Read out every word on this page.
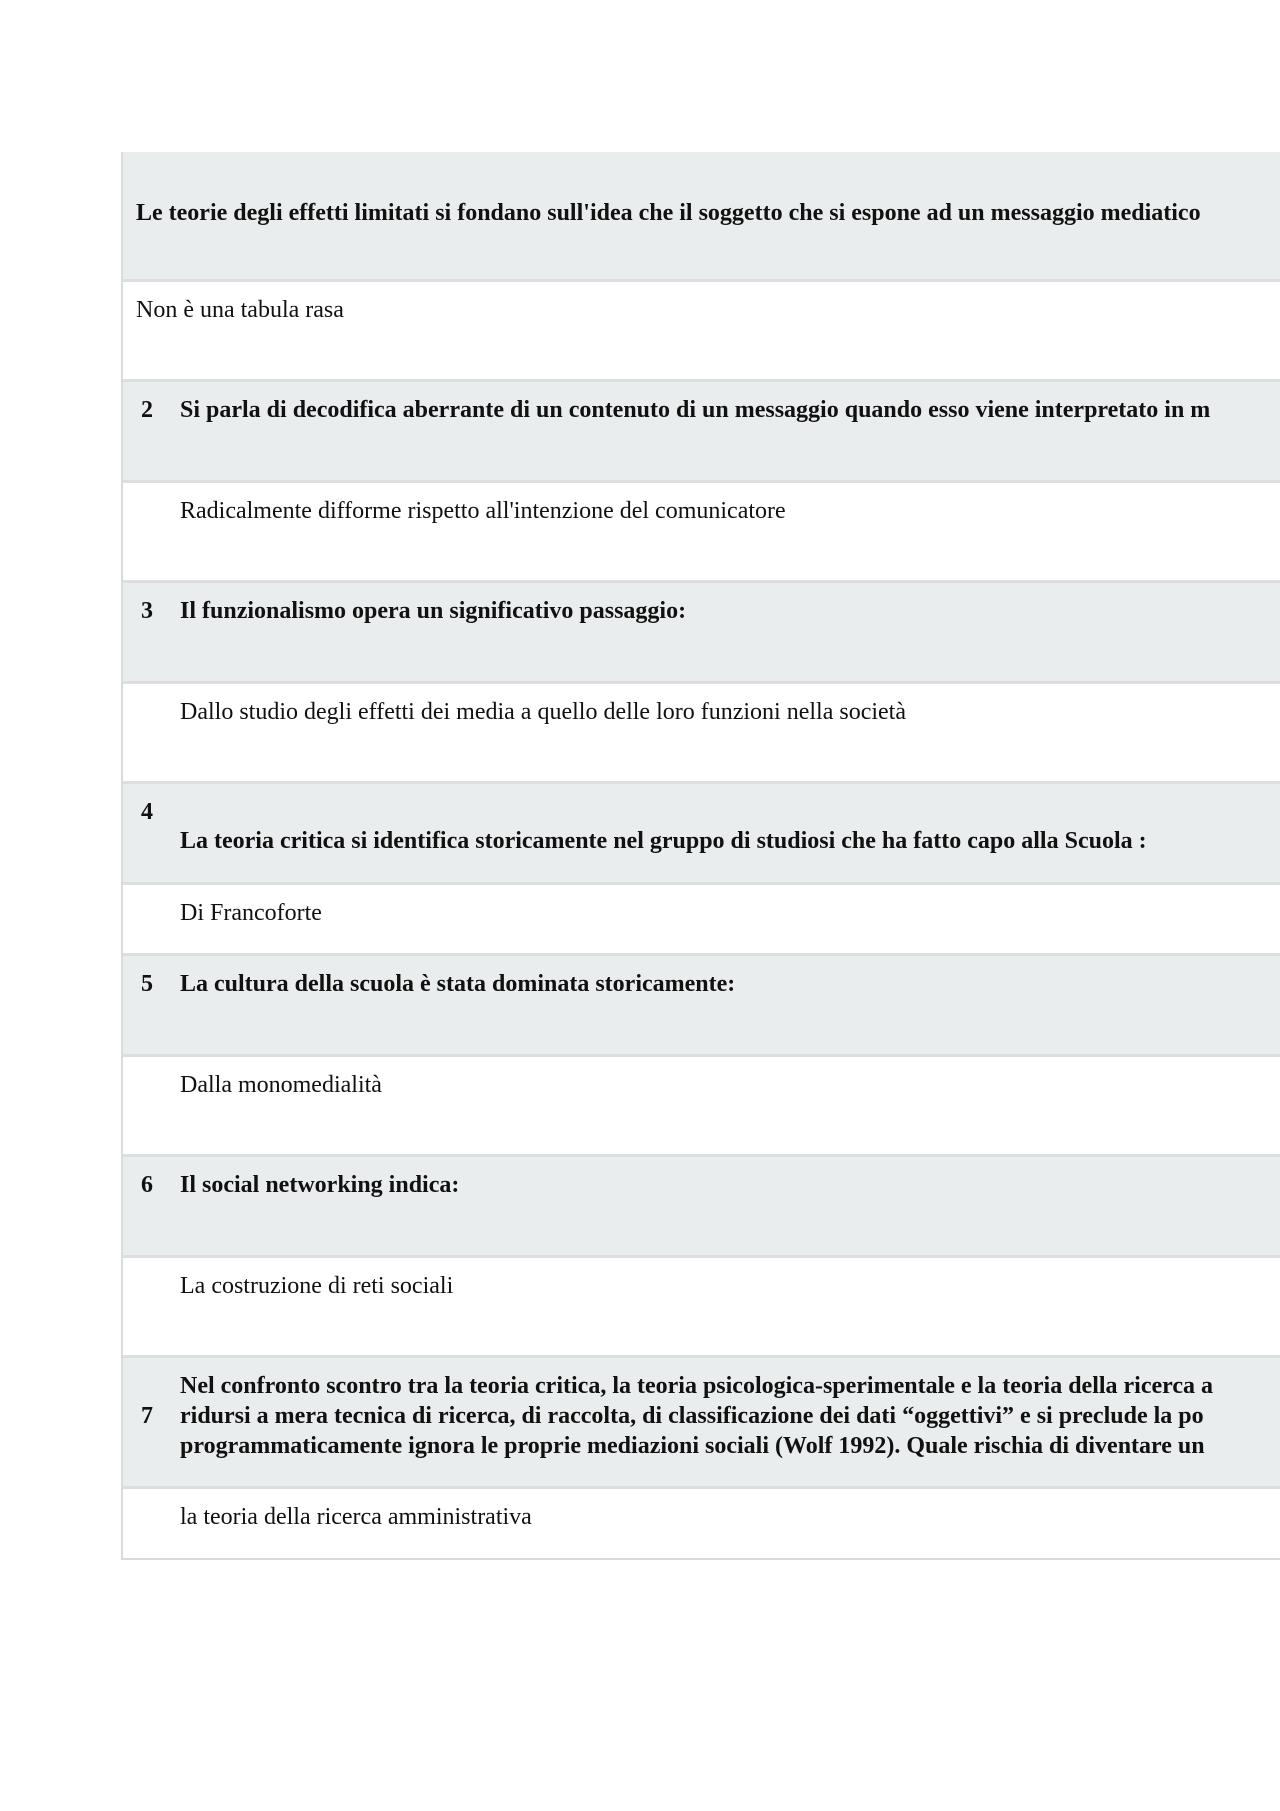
Le teorie degli effetti limitati si fondano sull'idea che il soggetto che si espone ad un messaggio mediatico
Non è una tabula rasa
2 Si parla di decodifica aberrante di un contenuto di un messaggio quando esso viene interpretato in m
Radicalmente difforme rispetto all'intenzione del comunicatore
3 Il funzionalismo opera un significativo passaggio:
Dallo studio degli effetti dei media a quello delle loro funzioni nella società
4
La teoria critica si identifica storicamente nel gruppo di studiosi che ha fatto capo alla Scuola :
Di Francoforte
5 La cultura della scuola è stata dominata storicamente:
Dalla monomedialità
6 Il social networking indica:
La costruzione di reti sociali
7
Nel confronto scontro tra la teoria critica, la teoria psicologica-sperimentale e la teoria della ricerca a
ridursi a mera tecnica di ricerca, di raccolta, di classificazione dei dati “oggettivi” e si preclude la po
programmaticamente ignora le proprie mediazioni sociali (Wolf 1992). Quale rischia di diventare un
la teoria della ricerca amministrativa
